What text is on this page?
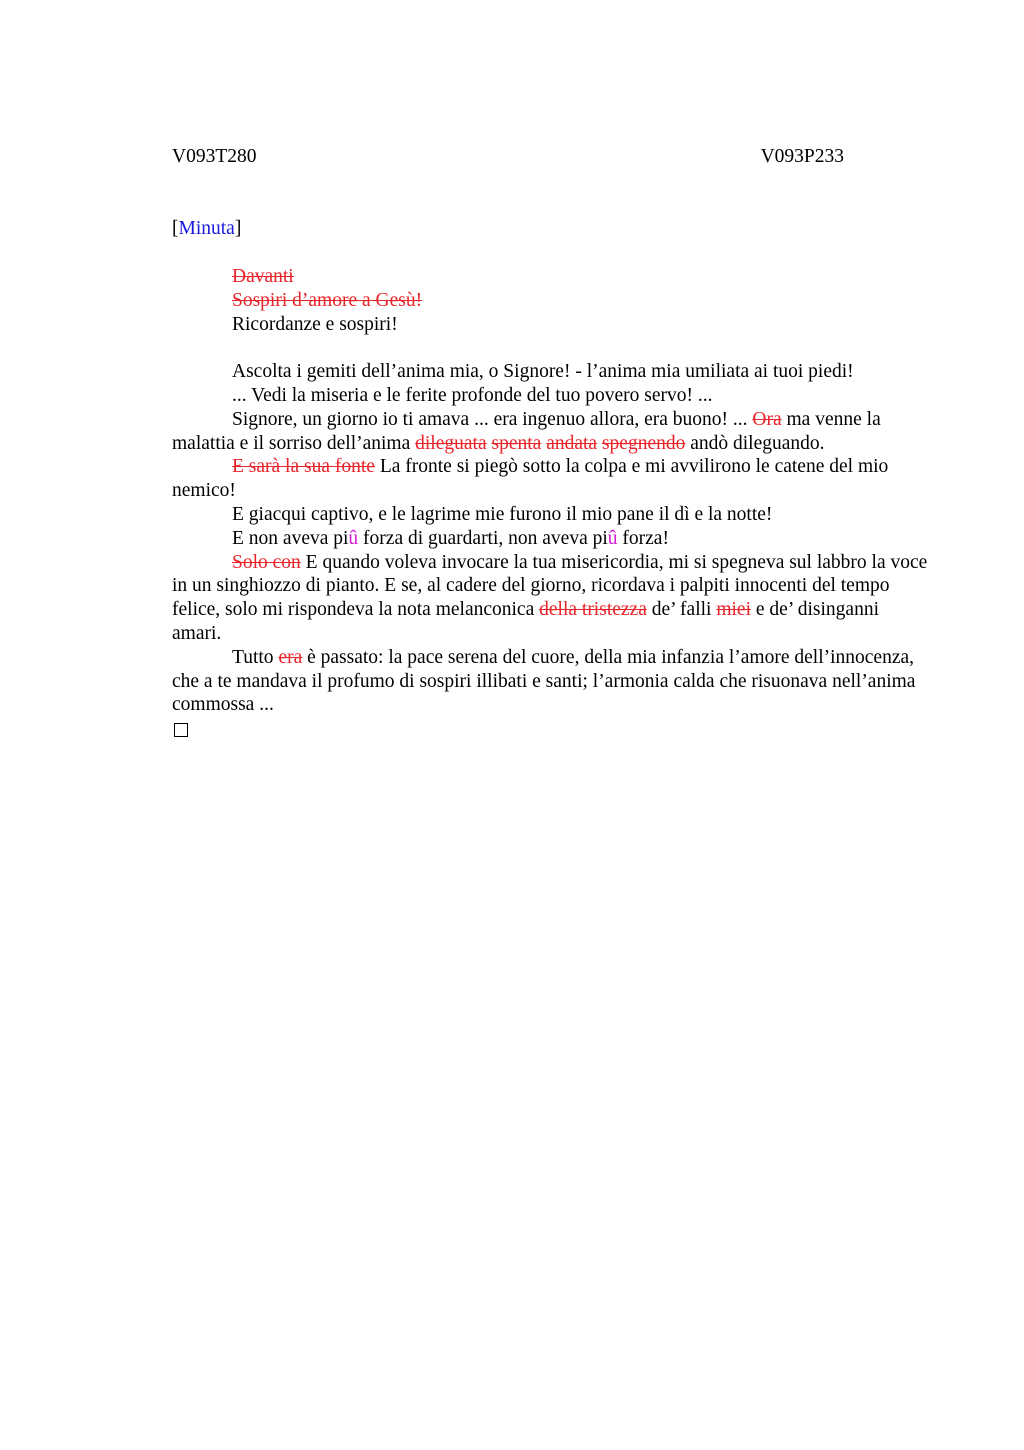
V093T280	V093P233
[Minuta]
Davanti
Sospiri d’amore a Gesù!
Ricordanze e sospiri!

Ascolta i gemiti dell’anima mia, o Signore! - l’anima mia umiliata ai tuoi piedi!

... Vedi la miseria e le ferite profonde del tuo povero servo! ...

Signore, un giorno io ti amava ... era ingenuo allora, era buono! ... Ora ma venne la malattia e il sorriso dell’anima dileguata spenta andata spegnendo andò dileguando.

E sarà la sua fonte La fronte si piegò sotto la colpa e mi avvilirono le catene del mio nemico!

E giacqui captivo, e le lagrime mie furono il mio pane il dì e la notte!

E non aveva piû forza di guardarti, non aveva piû forza!

Solo con E quando voleva invocare la tua misericordia, mi si spegneva sul labbro la voce in un singhiozzo di pianto. E se, al cadere del giorno, ricordava i palpiti innocenti del tempo felice, solo mi rispondeva la nota melanconica della tristezza de’ falli miei e de’ disinganni amari.

Tutto era è passato: la pace serena del cuore, della mia infanzia l’amore dell’innocenza, che a te mandava il profumo di sospiri illibati e santi; l’armonia calda che risuonava nell’anima commossa ...
